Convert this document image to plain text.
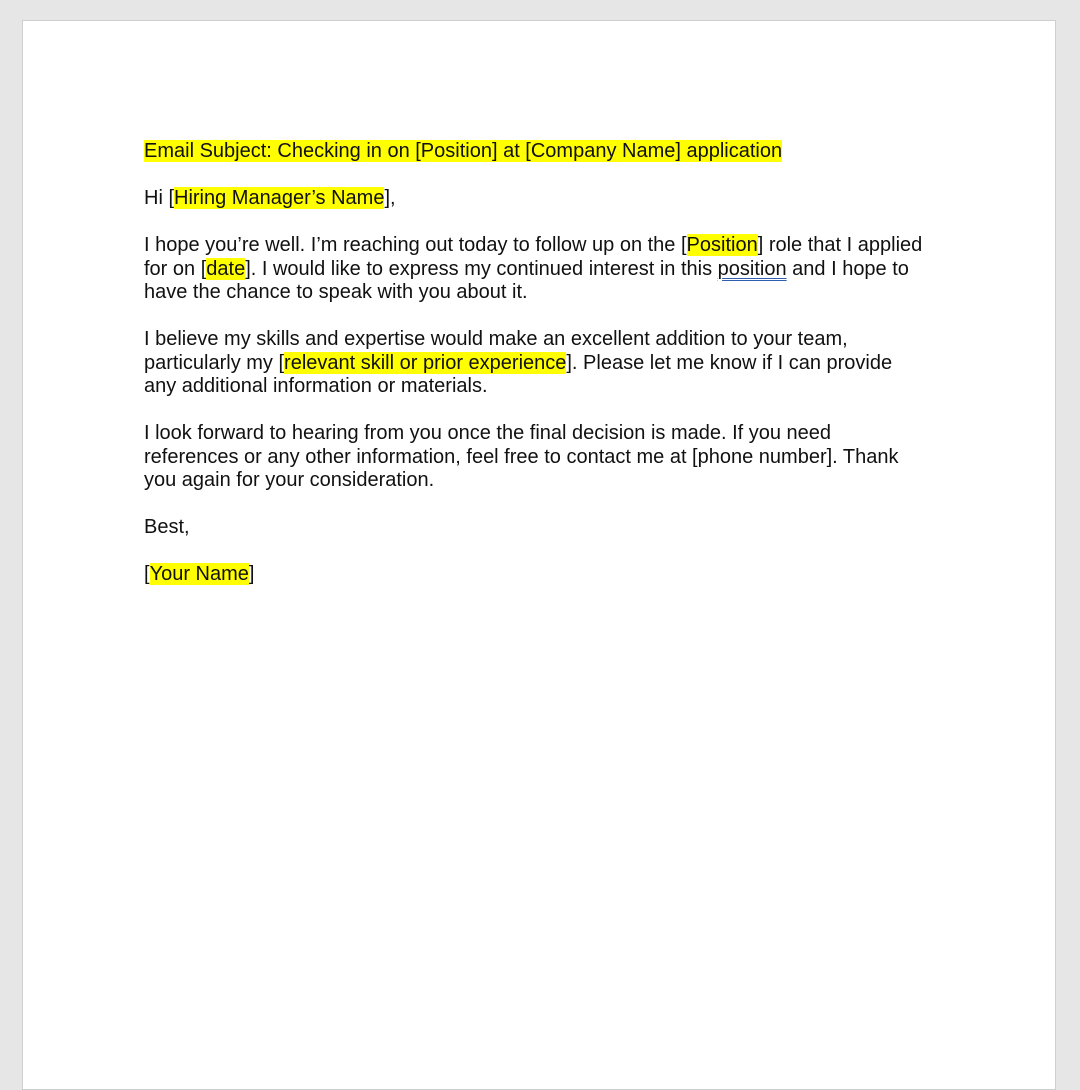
Email Subject: Checking in on [Position] at [Company Name] application

Hi [Hiring Manager’s Name],

I hope you’re well. I’m reaching out today to follow up on the [Position] role that I applied
for on [date]. I would like to express my continued interest in this position and I hope to
have the chance to speak with you about it.

I believe my skills and expertise would make an excellent addition to your team,
particularly my [relevant skill or prior experience]. Please let me know if I can provide
any additional information or materials.

I look forward to hearing from you once the final decision is made. If you need
references or any other information, feel free to contact me at [phone number]. Thank
you again for your consideration.

Best,

[Your Name]
